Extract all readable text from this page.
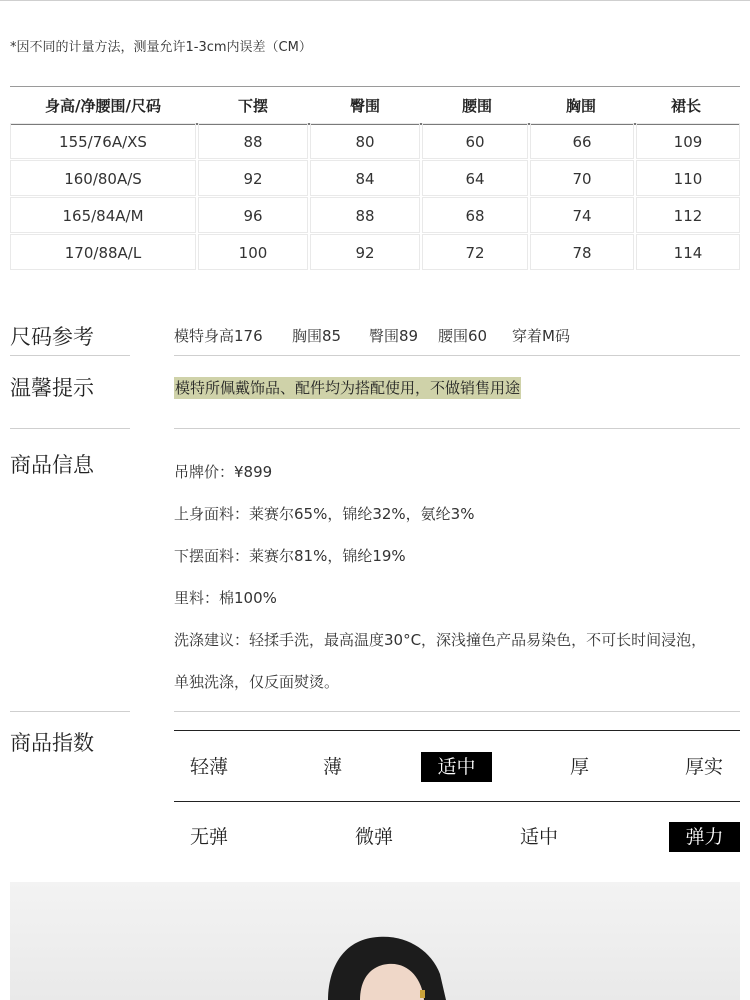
*因不同的计量方法，测量允许1-3cm内误差（CM）
身高/净腰围/尺码	下摆	臀围	腰围	胸围	裙长
155/76A/XS	88	80	60	66	109
160/80A/S	92	84	64	70	110
165/84A/M	96	88	68	74	112
170/88A/L	100	92	72	78	114
尺码参考	模特身高176 胸围85 臀围89 腰围60 穿着M码
温馨提示	模特所佩戴饰品、配件均为搭配使用，不做销售用途
商品信息	吊牌价：¥899
上身面料：莱赛尔65%，锦纶32%，氨纶3%
下摆面料：莱赛尔81%，锦纶19%
里料：棉100%
洗涤建议：轻揉手洗，最高温度30°C，深浅撞色产品易染色，不可长时间浸泡，
单独洗涤，仅反面熨烫。
商品指数
轻薄	薄	适中	厚	厚实
无弹	微弹	适中	弹力
